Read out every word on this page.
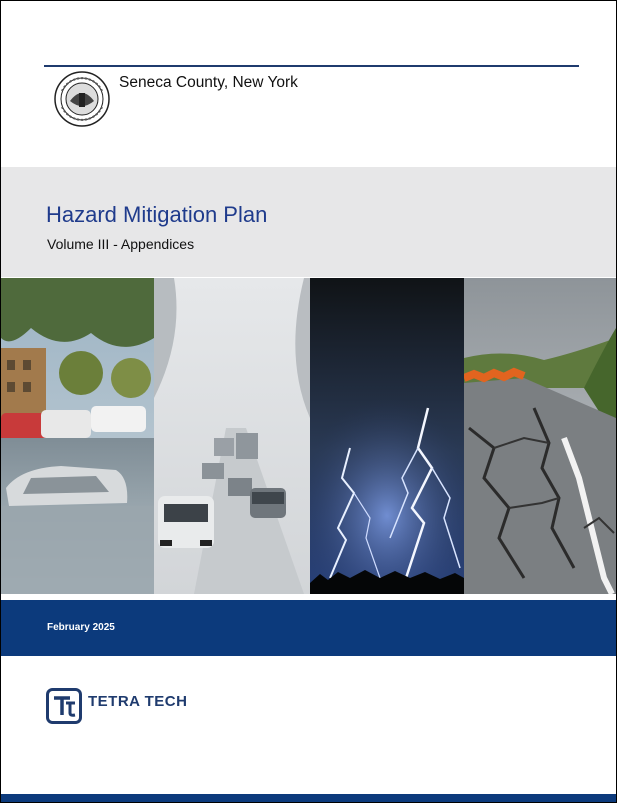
Seneca County, New York
Hazard Mitigation Plan
Volume III - Appendices
February 2025
TETRA TECH
